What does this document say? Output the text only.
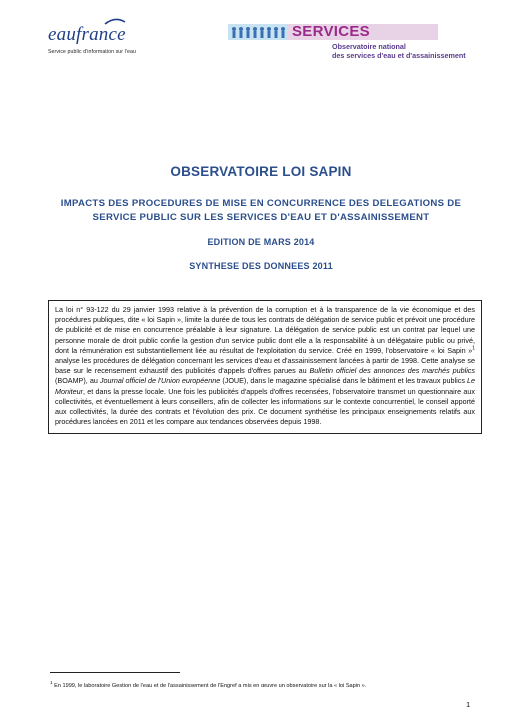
eaufrance
Service public d'information sur l'eau
SERVICES
Observatoire national
des services d'eau et d'assainissement
OBSERVATOIRE LOI SAPIN
IMPACTS DES PROCEDURES DE MISE EN CONCURRENCE DES DELEGATIONS DE SERVICE PUBLIC SUR LES SERVICES D'EAU ET D'ASSAINISSEMENT
EDITION DE MARS 2014
SYNTHESE DES DONNEES 2011
La loi n° 93-122 du 29 janvier 1993 relative à la prévention de la corruption et à la transparence de la vie économique et des procédures publiques, dite « loi Sapin », limite la durée de tous les contrats de délégation de service public et prévoit une procédure de publicité et de mise en concurrence préalable à leur signature. La délégation de service public est un contrat par lequel une personne morale de droit public confie la gestion d'un service public dont elle a la responsabilité à un délégataire public ou privé, dont la rémunération est substantiellement liée au résultat de l'exploitation du service. Créé en 1999, l'observatoire « loi Sapin »$^1$ analyse les procédures de délégation concernant les services d'eau et d'assainissement lancées à partir de 1998. Cette analyse se base sur le recensement exhaustif des publicités d'appels d'offres parues au Bulletin officiel des annonces des marchés publics (BOAMP), au Journal officiel de l'Union européenne (JOUE), dans le magazine spécialisé dans le bâtiment et les travaux publics Le Moniteur, et dans la presse locale. Une fois les publicités d'appels d'offres recensées, l'observatoire transmet un questionnaire aux collectivités, et éventuellement à leurs conseillers, afin de collecter les informations sur le contexte concurrentiel, le conseil apporté aux collectivités, la durée des contrats et l'évolution des prix. Ce document synthétise les principaux enseignements relatifs aux procédures lancées en 2011 et les compare aux tendances observées depuis 1998.
$^1$ En 1999, le laboratoire Gestion de l'eau et de l'assainissement de l'Engref a mis en œuvre un observatoire sur la « loi Sapin ».
1
